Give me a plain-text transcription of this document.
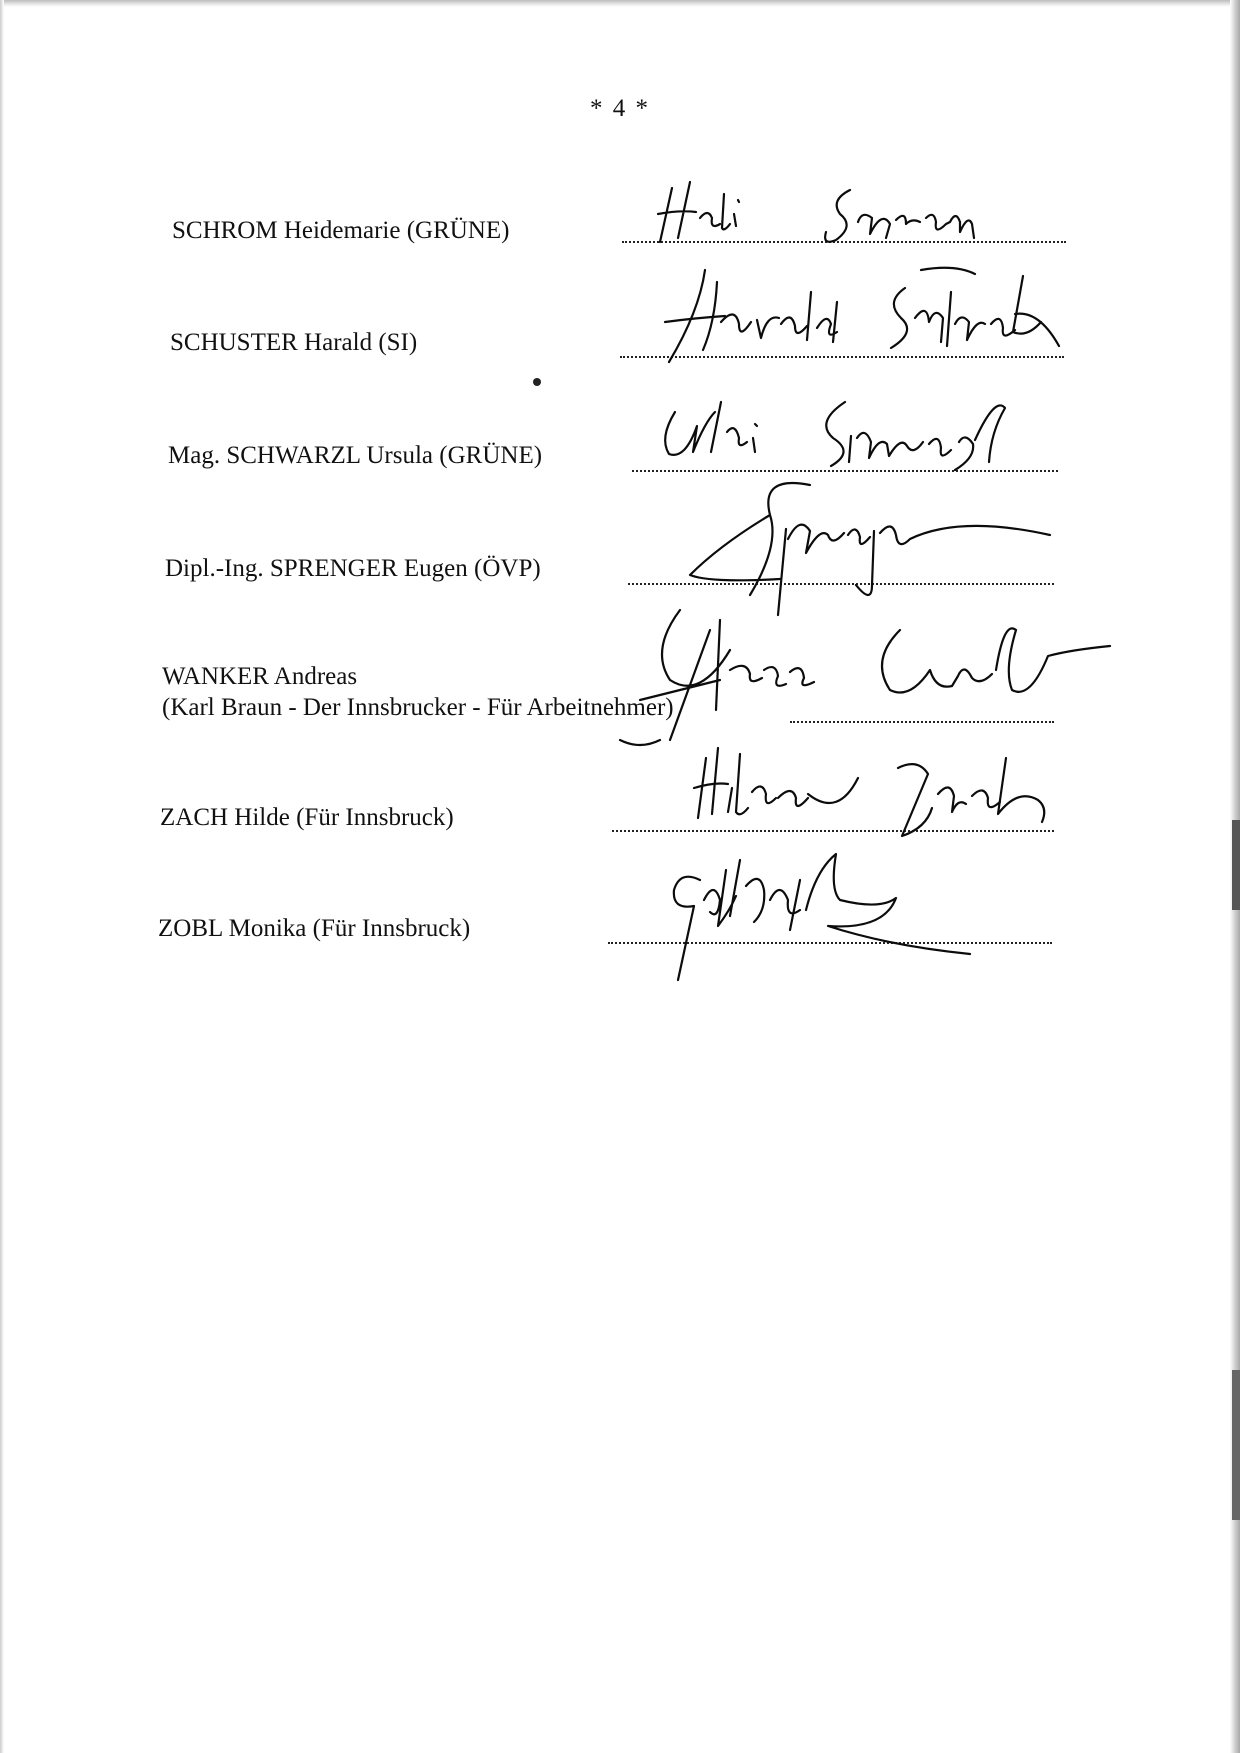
* 4 *
SCHROM Heidemarie (GRÜNE)
SCHUSTER Harald (SI)
Mag. SCHWARZL Ursula (GRÜNE)
Dipl.-Ing. SPRENGER Eugen (ÖVP)
WANKER Andreas
(Karl Braun - Der Innsbrucker - Für Arbeitnehmer)
ZACH Hilde (Für Innsbruck)
ZOBL Monika (Für Innsbruck)
